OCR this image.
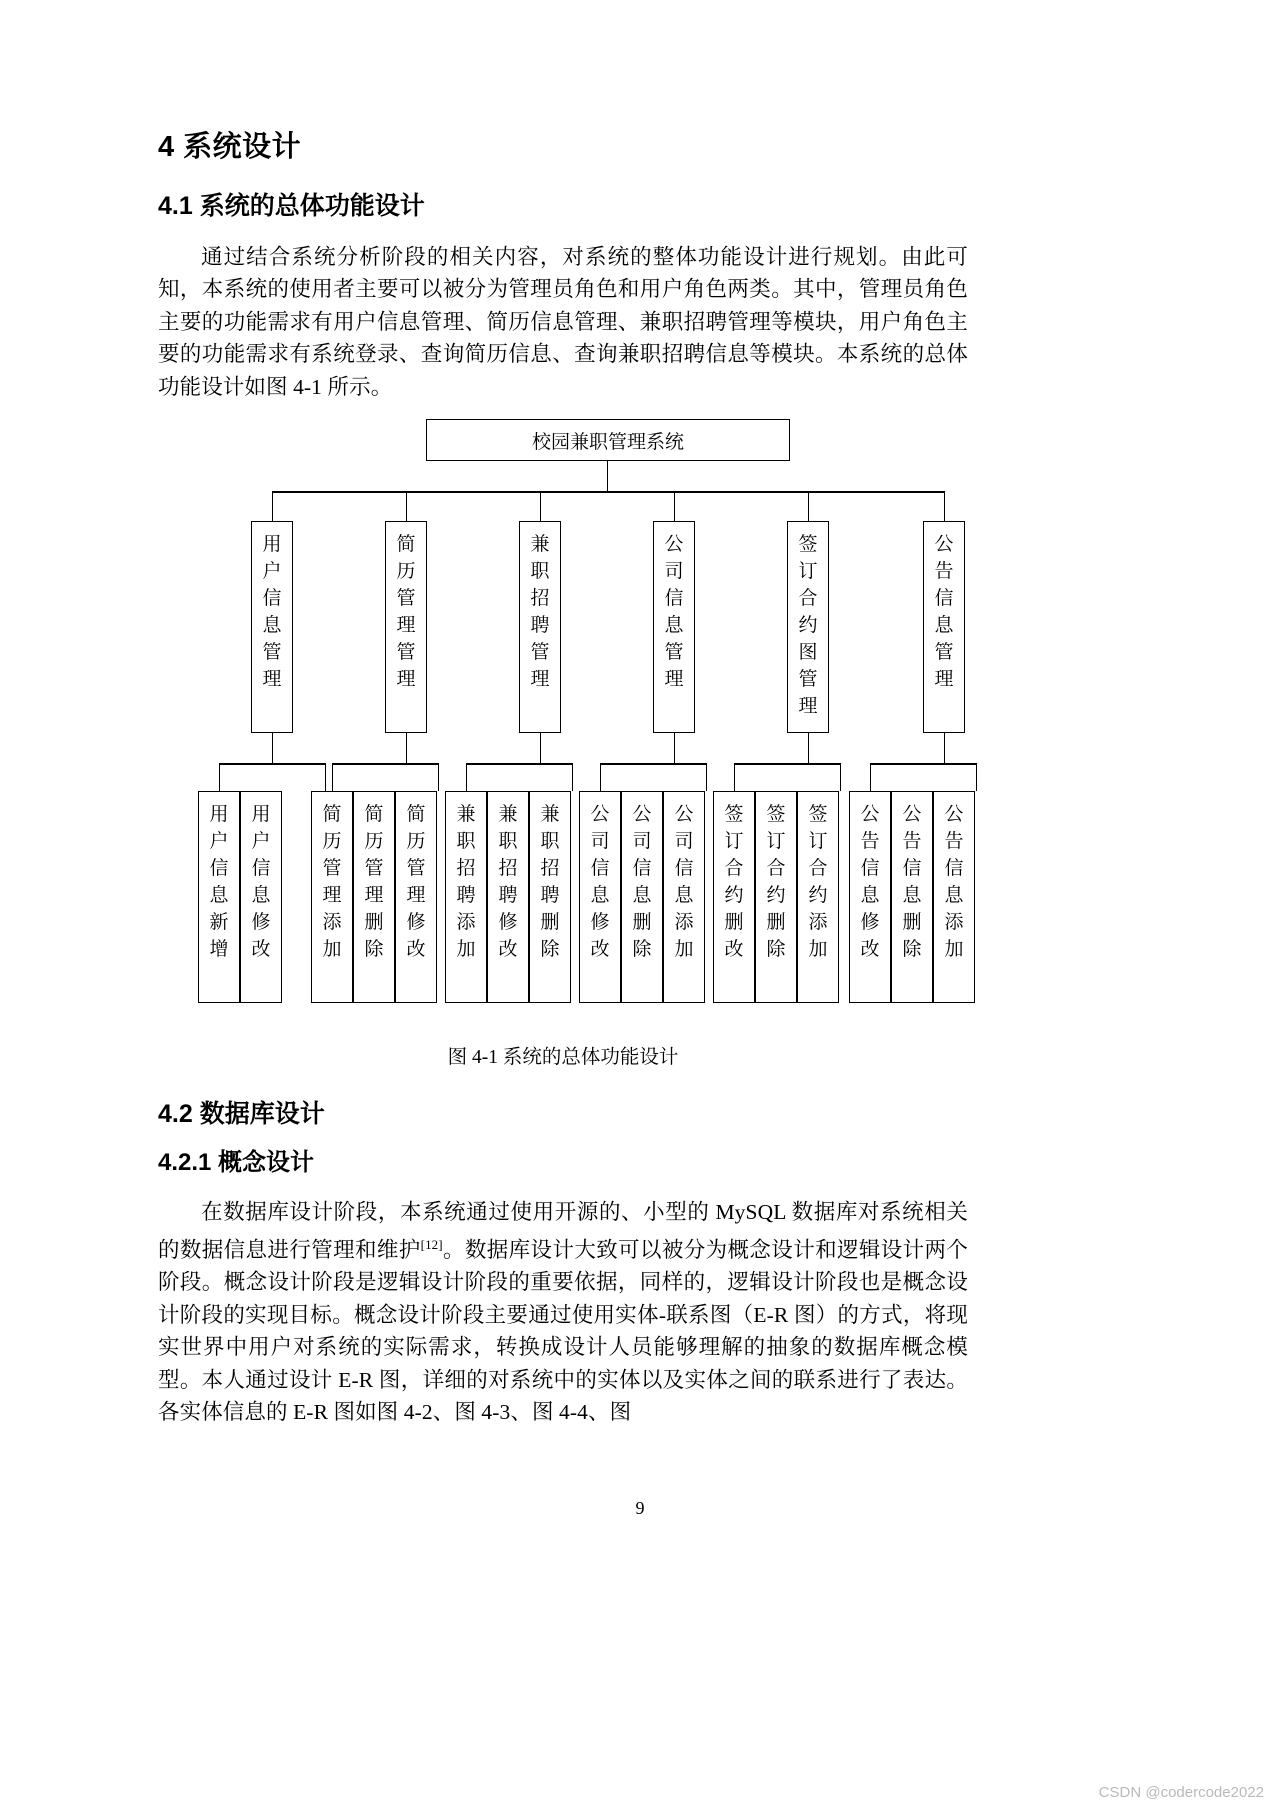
4 系统设计
4.1 系统的总体功能设计

通过结合系统分析阶段的相关内容，对系统的整体功能设计进行规划。由此可知，本系统的使用者主要可以被分为管理员角色和用户角色两类。其中，管理员角色主要的功能需求有用户信息管理、简历信息管理、兼职招聘管理等模块，用户角色主要的功能需求有系统登录、查询简历信息、查询兼职招聘信息等模块。本系统的总体功能设计如图 4-1 所示。

校园兼职管理系统
用
户
信
息
管
理
简
历
管
理
管
理
兼
职
招
聘
管
理
公
司
信
息
管
理
签
订
合
约
图
管
理
公
告
信
息
管
理
用
户
信
息
新
增
用
户
信
息
修
改
简
历
管
理
添
加
简
历
管
理
删
除
简
历
管
理
修
改
兼
职
招
聘
添
加
兼
职
招
聘
修
改
兼
职
招
聘
删
除
公
司
信
息
修
改
公
司
信
息
删
除
公
司
信
息
添
加
签
订
合
约
删
改
签
订
合
约
删
除
签
订
合
约
添
加
公
告
信
息
修
改
公
告
信
息
删
除
公
告
信
息
添
加
图 4-1 系统的总体功能设计
4.2 数据库设计
4.2.1 概念设计

在数据库设计阶段，本系统通过使用开源的、小型的 MySQL 数据库对系统相关的数据信息进行管理和维护[12]。数据库设计大致可以被分为概念设计和逻辑设计两个阶段。概念设计阶段是逻辑设计阶段的重要依据，同样的，逻辑设计阶段也是概念设计阶段的实现目标。概念设计阶段主要通过使用实体-联系图（E-R 图）的方式，将现实世界中用户对系统的实际需求，转换成设计人员能够理解的抽象的数据库概念模型。本人通过设计 E-R 图，详细的对系统中的实体以及实体之间的联系进行了表达。各实体信息的 E-R 图如图 4-2、图 4-3、图 4-4、图

9
CSDN @codercode2022
